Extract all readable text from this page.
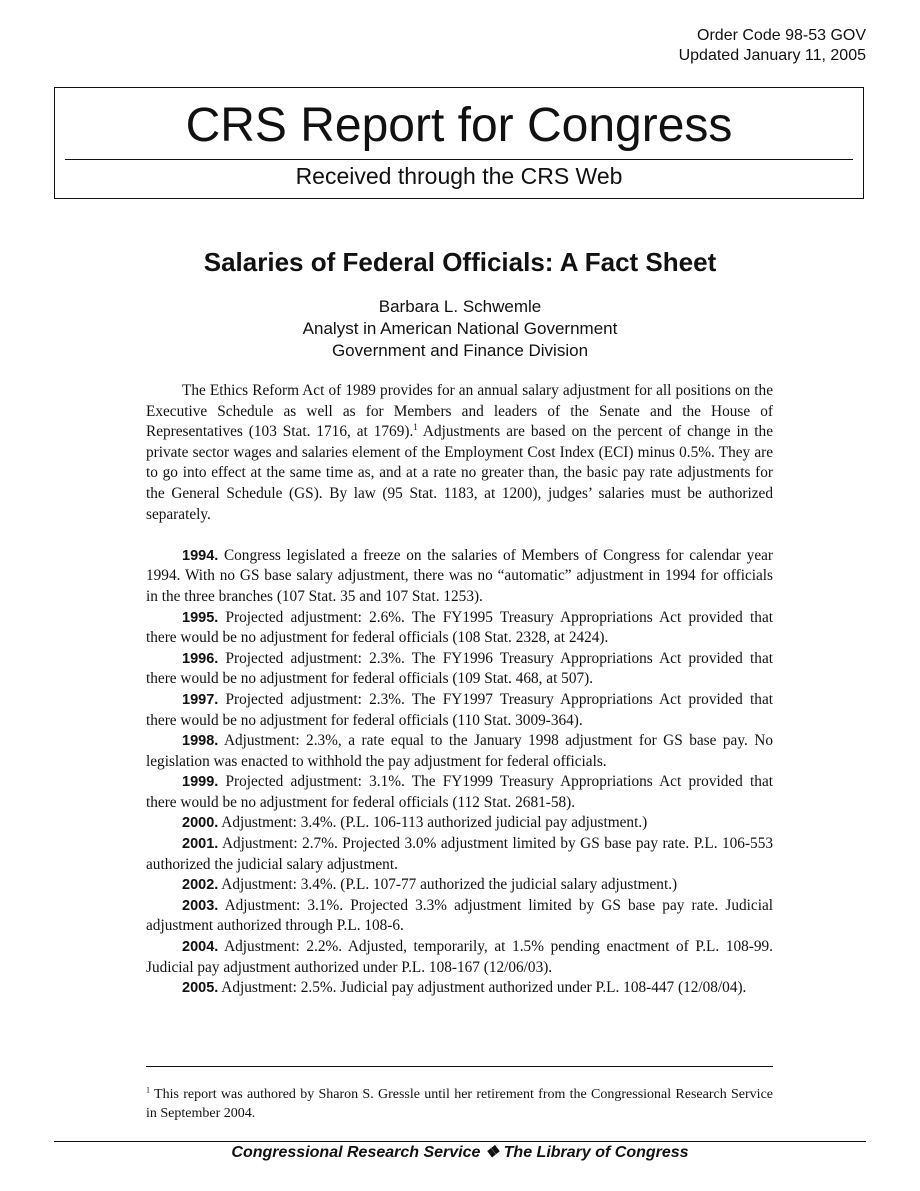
Order Code 98-53 GOV
Updated January 11, 2005
CRS Report for Congress
Received through the CRS Web
Salaries of Federal Officials: A Fact Sheet
Barbara L. Schwemle
Analyst in American National Government
Government and Finance Division

The Ethics Reform Act of 1989 provides for an annual salary adjustment for all positions on the Executive Schedule as well as for Members and leaders of the Senate and the House of Representatives (103 Stat. 1716, at 1769).$^1$ Adjustments are based on the percent of change in the private sector wages and salaries element of the Employment Cost Index (ECI) minus 0.5%. They are to go into effect at the same time as, and at a rate no greater than, the basic pay rate adjustments for the General Schedule (GS). By law (95 Stat. 1183, at 1200), judges’ salaries must be authorized separately.

1994. Congress legislated a freeze on the salaries of Members of Congress for calendar year 1994. With no GS base salary adjustment, there was no “automatic” adjustment in 1994 for officials in the three branches (107 Stat. 35 and 107 Stat. 1253).

1995. Projected adjustment: 2.6%. The FY1995 Treasury Appropriations Act provided that there would be no adjustment for federal officials (108 Stat. 2328, at 2424).

1996. Projected adjustment: 2.3%. The FY1996 Treasury Appropriations Act provided that there would be no adjustment for federal officials (109 Stat. 468, at 507).

1997. Projected adjustment: 2.3%. The FY1997 Treasury Appropriations Act provided that there would be no adjustment for federal officials (110 Stat. 3009-364).

1998. Adjustment: 2.3%, a rate equal to the January 1998 adjustment for GS base pay. No legislation was enacted to withhold the pay adjustment for federal officials.

1999. Projected adjustment: 3.1%. The FY1999 Treasury Appropriations Act provided that there would be no adjustment for federal officials (112 Stat. 2681-58).

2000. Adjustment: 3.4%. (P.L. 106-113 authorized judicial pay adjustment.)

2001. Adjustment: 2.7%. Projected 3.0% adjustment limited by GS base pay rate. P.L. 106-553 authorized the judicial salary adjustment.

2002. Adjustment: 3.4%. (P.L. 107-77 authorized the judicial salary adjustment.)

2003. Adjustment: 3.1%. Projected 3.3% adjustment limited by GS base pay rate. Judicial adjustment authorized through P.L. 108-6.

2004. Adjustment: 2.2%. Adjusted, temporarily, at 1.5% pending enactment of P.L. 108-99. Judicial pay adjustment authorized under P.L. 108-167 (12/06/03).

2005. Adjustment: 2.5%. Judicial pay adjustment authorized under P.L. 108-447 (12/08/04).

$^1$ This report was authored by Sharon S. Gressle until her retirement from the Congressional Research Service in September 2004.
Congressional Research Service ❖ The Library of Congress
